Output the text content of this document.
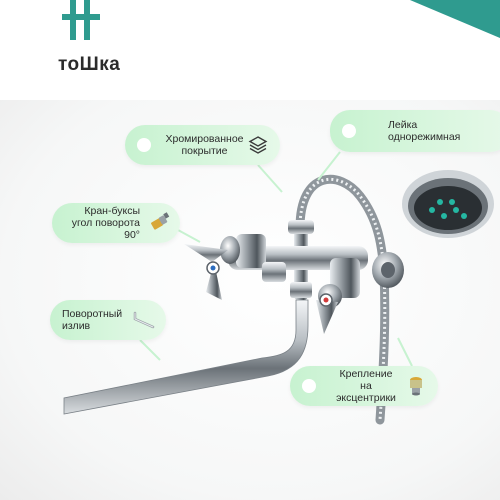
тоШка
Хромированное
покрытие
Лейка
однорежимная
Кран-буксы
угол поворота 90°
Поворотный
излив
Крепление
на эксцентрики
